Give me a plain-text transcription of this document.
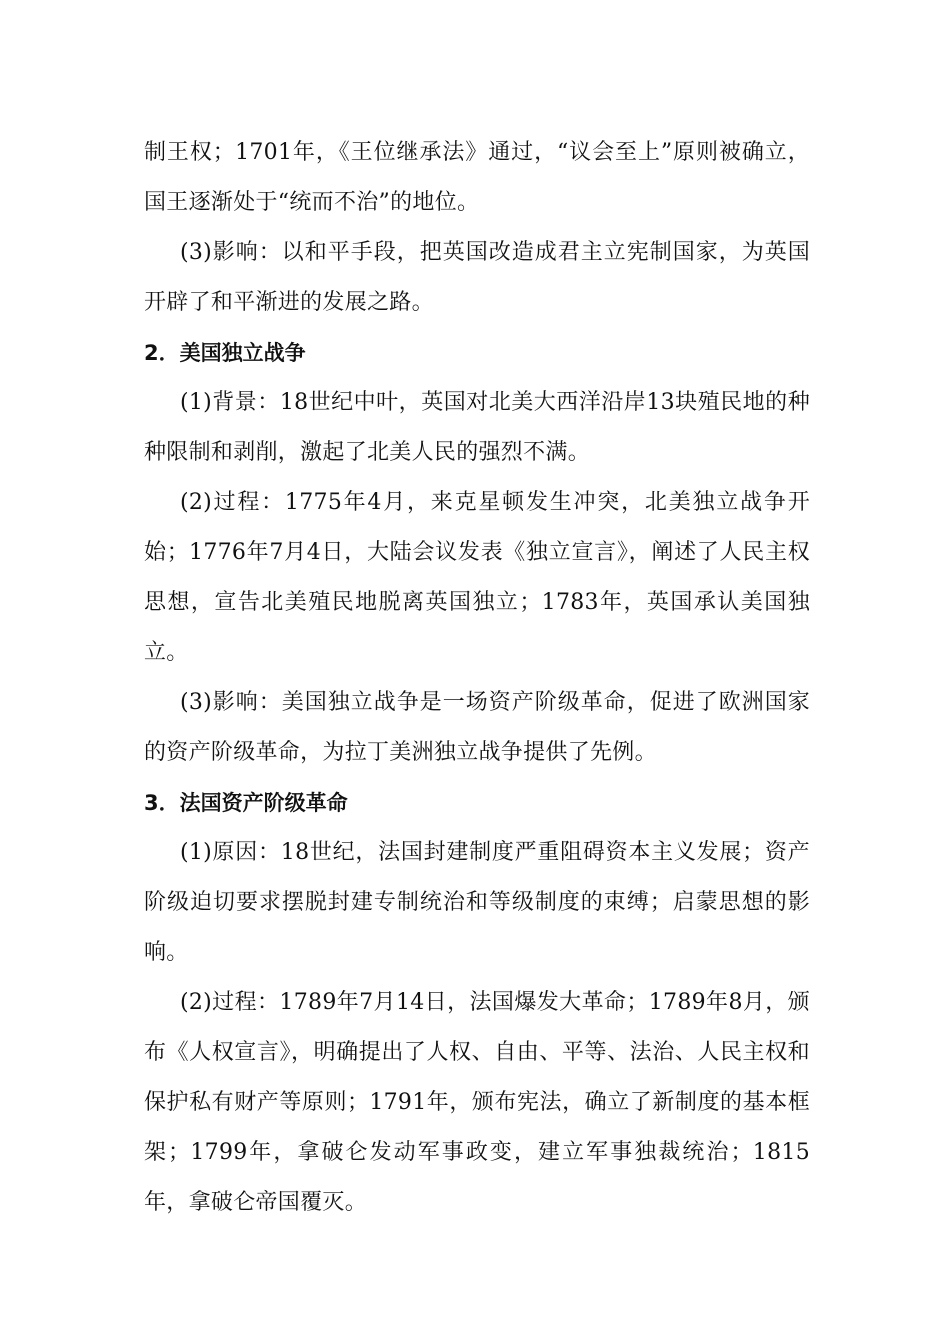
制王权；1701年，《王位继承法》通过，“议会至上”原则被确立，国王逐渐处于“统而不治”的地位。

(3)影响：以和平手段，把英国改造成君主立宪制国家，为英国开辟了和平渐进的发展之路。

2．美国独立战争

(1)背景：18世纪中叶，英国对北美大西洋沿岸13块殖民地的种种限制和剥削，激起了北美人民的强烈不满。

(2)过程：1775年4月，来克星顿发生冲突，北美独立战争开始；1776年7月4日，大陆会议发表《独立宣言》，阐述了人民主权思想，宣告北美殖民地脱离英国独立；1783年，英国承认美国独立。

(3)影响：美国独立战争是一场资产阶级革命，促进了欧洲国家的资产阶级革命，为拉丁美洲独立战争提供了先例。

3．法国资产阶级革命

(1)原因：18世纪，法国封建制度严重阻碍资本主义发展；资产阶级迫切要求摆脱封建专制统治和等级制度的束缚；启蒙思想的影响。

(2)过程：1789年7月14日，法国爆发大革命；1789年8月，颁布《人权宣言》，明确提出了人权、自由、平等、法治、人民主权和保护私有财产等原则；1791年，颁布宪法，确立了新制度的基本框架；1799年，拿破仑发动军事政变，建立军事独裁统治；1815年，拿破仑帝国覆灭。
